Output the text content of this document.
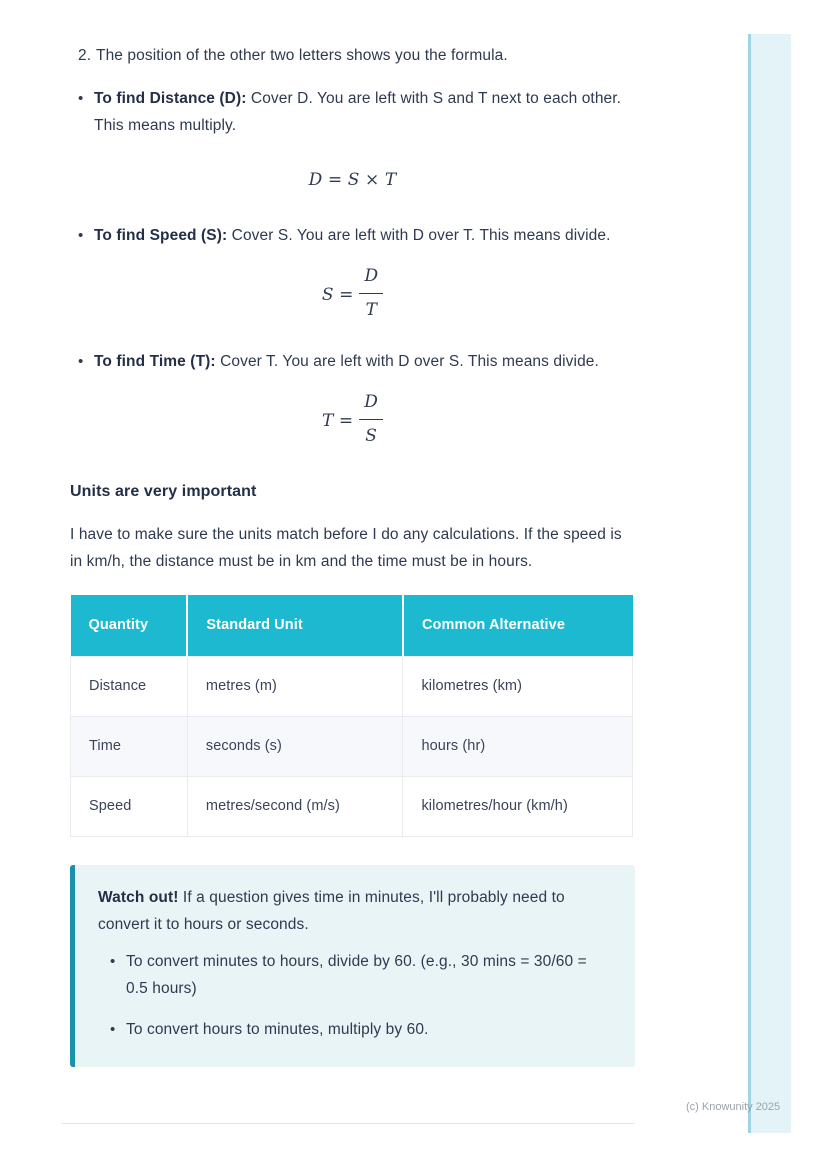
2. The position of the other two letters shows you the formula.
• To find Distance (D): Cover D. You are left with S and T next to each other. This means multiply.
D = S × T
• To find Speed (S): Cover S. You are left with D over T. This means divide.
$S = \frac{D}{T}$
• To find Time (T): Cover T. You are left with D over S. This means divide.
$T = \frac{D}{S}$
Units are very important

I have to make sure the units match before I do any calculations. If the speed is in km/h, the distance must be in km and the time must be in hours.

Quantity	Standard Unit	Common Alternative
Distance	metres (m)	kilometres (km)
Time	seconds (s)	hours (hr)
Speed	metres/second (m/s)	kilometres/hour (km/h)
Watch out! If a question gives time in minutes, I'll probably need to convert it to hours or seconds.
• To convert minutes to hours, divide by 60. (e.g., 30 mins = 30/60 = 0.5 hours)
• To convert hours to minutes, multiply by 60.
(c) Knowunity 2025
